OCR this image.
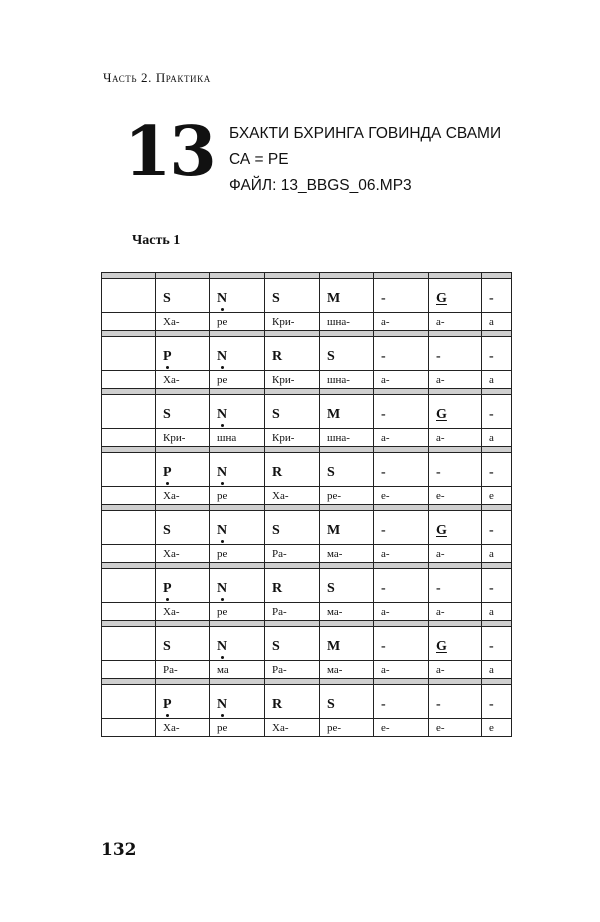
Часть 2. Практика
13 БХАКТИ БХРИНГА ГОВИНДА СВАМИ
СА = РЕ
ФАЙЛ: 13_BBGS_06.MP3
Часть 1

	S	N	S	M	-	G	-
	Ха-	ре	Кри-	шна-	а-	а-	а

	P	N	R	S	-	-	-
	Ха-	ре	Кри-	шна-	а-	а-	а

	S	N	S	M	-	G	-
	Кри-	шна	Кри-	шна-	а-	а-	а

	P	N	R	S	-	-	-
	Ха-	ре	Ха-	ре-	е-	е-	е

	S	N	S	M	-	G	-
	Ха-	ре	Ра-	ма-	а-	а-	а

	P	N	R	S	-	-	-
	Ха-	ре	Ра-	ма-	а-	а-	а

	S	N	S	M	-	G	-
	Ра-	ма	Ра-	ма-	а-	а-	а

	P	N	R	S	-	-	-
	Ха-	ре	Ха-	ре-	е-	е-	е
132
